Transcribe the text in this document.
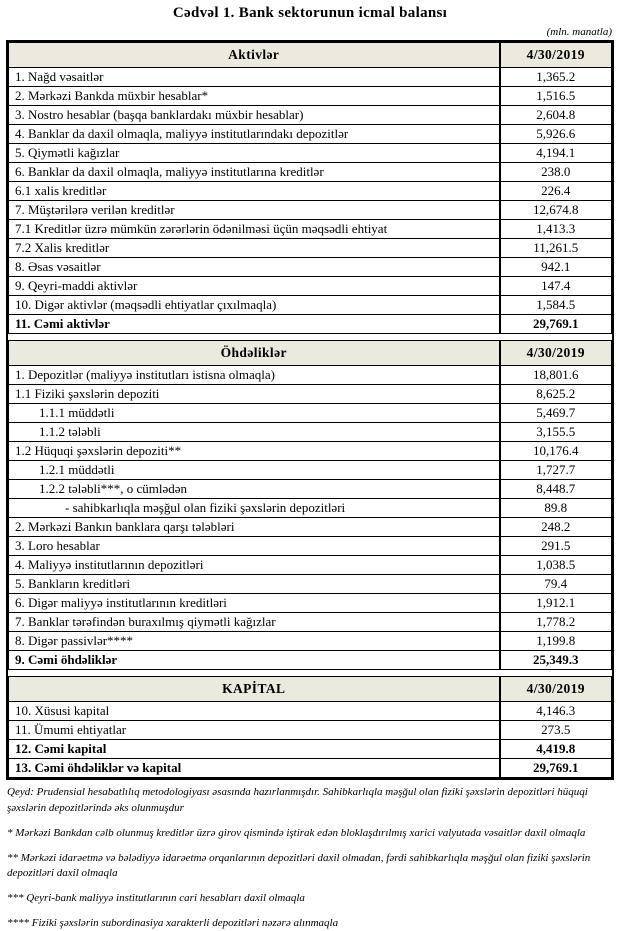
Cədvəl 1. Bank sektorunun icmal balansı
(mln. manatla)
Aktivlər	4/30/2019
1. Nağd vəsaitlər	1,365.2
2. Mərkəzi Bankda müxbir hesablar*	1,516.5
3. Nostro hesablar (başqa banklardakı müxbir hesablar)	2,604.8
4. Banklar da daxil olmaqla, maliyyə institutlarındakı depozitlər	5,926.6
5. Qiymətli kağızlar	4,194.1
6. Banklar da daxil olmaqla, maliyyə institutlarına kreditlər	238.0
6.1 xalis kreditlər	226.4
7. Müştərilərə verilən kreditlər	12,674.8
7.1 Kreditlər üzrə mümkün zərərlərin ödənilməsi üçün məqsədli ehtiyat	1,413.3
7.2 Xalis kreditlər	11,261.5
8. Əsas vəsaitlər	942.1
9. Qeyri-maddi aktivlər	147.4
10. Digər aktivlər (məqsədli ehtiyatlar çıxılmaqla)	1,584.5
11. Cəmi aktivlər	29,769.1

Öhdəliklər	4/30/2019
1. Depozitlər (maliyyə institutları istisna olmaqla)	18,801.6
1.1 Fiziki şəxslərin depoziti	8,625.2
1.1.1 müddətli	5,469.7
1.1.2 tələbli	3,155.5
1.2 Hüquqi şəxslərin depoziti**	10,176.4
1.2.1 müddətli	1,727.7
1.2.2 tələbli***, o cümlədən	8,448.7
- sahibkarlıqla məşğul olan fiziki şəxslərin depozitləri	89.8
2. Mərkəzi Bankın banklara qarşı tələbləri	248.2
3. Loro hesablar	291.5
4. Maliyyə institutlarının depozitləri	1,038.5
5. Bankların kreditləri	79.4
6. Digər maliyyə institutlarının kreditləri	1,912.1
7. Banklar tərəfindən buraxılmış qiymətli kağızlar	1,778.2
8. Digər passivlər****	1,199.8
9. Cəmi öhdəliklər	25,349.3

KAPİTAL	4/30/2019
10. Xüsusi kapital	4,146.3
11. Ümumi ehtiyatlar	273.5
12. Cəmi kapital	4,419.8
13. Cəmi öhdəliklər və kapital	29,769.1
Qeyd: Prudensial hesabatlılıq metodologiyası əsasında hazırlanmışdır. Sahibkarlıqla məşğul olan fiziki şəxslərin depozitləri hüquqi şəxslərin depozitlərində əks olunmuşdur
* Mərkəzi Bankdan cəlb olunmuş kreditlər üzrə girov qismində iştirak edən bloklaşdırılmış xarici valyutada vəsaitlər daxil olmaqla
** Mərkəzi idarəetmə və bələdiyyə idarəetmə orqanlarının depozitləri daxil olmadan, fərdi sahibkarlıqla məşğul olan fiziki şəxslərin depozitləri daxil olmaqla
*** Qeyri-bank maliyyə institutlarının cari hesabları daxil olmaqla
**** Fiziki şəxslərin subordinasiya xarakterli depozitləri nəzərə alınmaqla
